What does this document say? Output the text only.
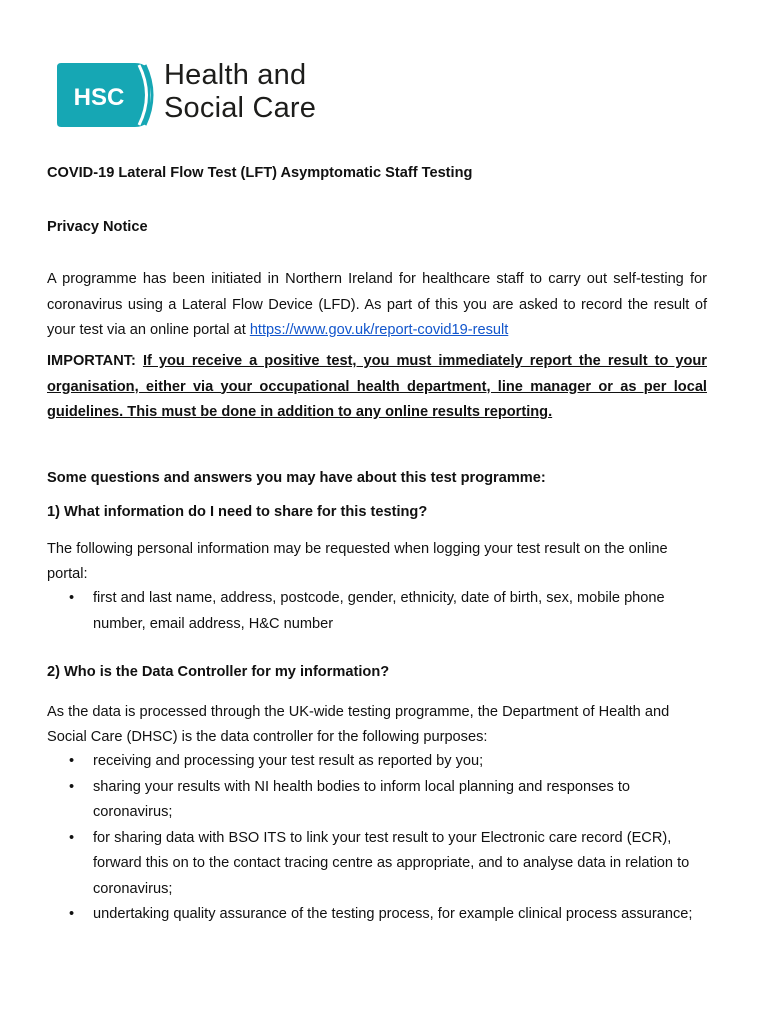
HSC
Health and
Social Care
COVID-19 Lateral Flow Test (LFT) Asymptomatic Staff Testing
Privacy Notice

A programme has been initiated in Northern Ireland for healthcare staff to carry out self-testing for coronavirus using a Lateral Flow Device (LFD). As part of this you are asked to record the result of your test via an online portal at https://www.gov.uk/report-covid19-result

IMPORTANT: If you receive a positive test, you must immediately report the result to your organisation, either via your occupational health department, line manager or as per local guidelines. This must be done in addition to any online results reporting.

Some questions and answers you may have about this test programme:
1) What information do I need to share for this testing?

The following personal information may be requested when logging your test result on the online portal:

• first and last name, address, postcode, gender, ethnicity, date of birth, sex, mobile phone number, email address, H&C number
2) Who is the Data Controller for my information?

As the data is processed through the UK-wide testing programme, the Department of Health and Social Care (DHSC) is the data controller for the following purposes:

• receiving and processing your test result as reported by you;
• sharing your results with NI health bodies to inform local planning and responses to coronavirus;
• for sharing data with BSO ITS to link your test result to your Electronic care record (ECR), forward this on to the contact tracing centre as appropriate, and to analyse data in relation to coronavirus;
• undertaking quality assurance of the testing process, for example clinical process assurance;
